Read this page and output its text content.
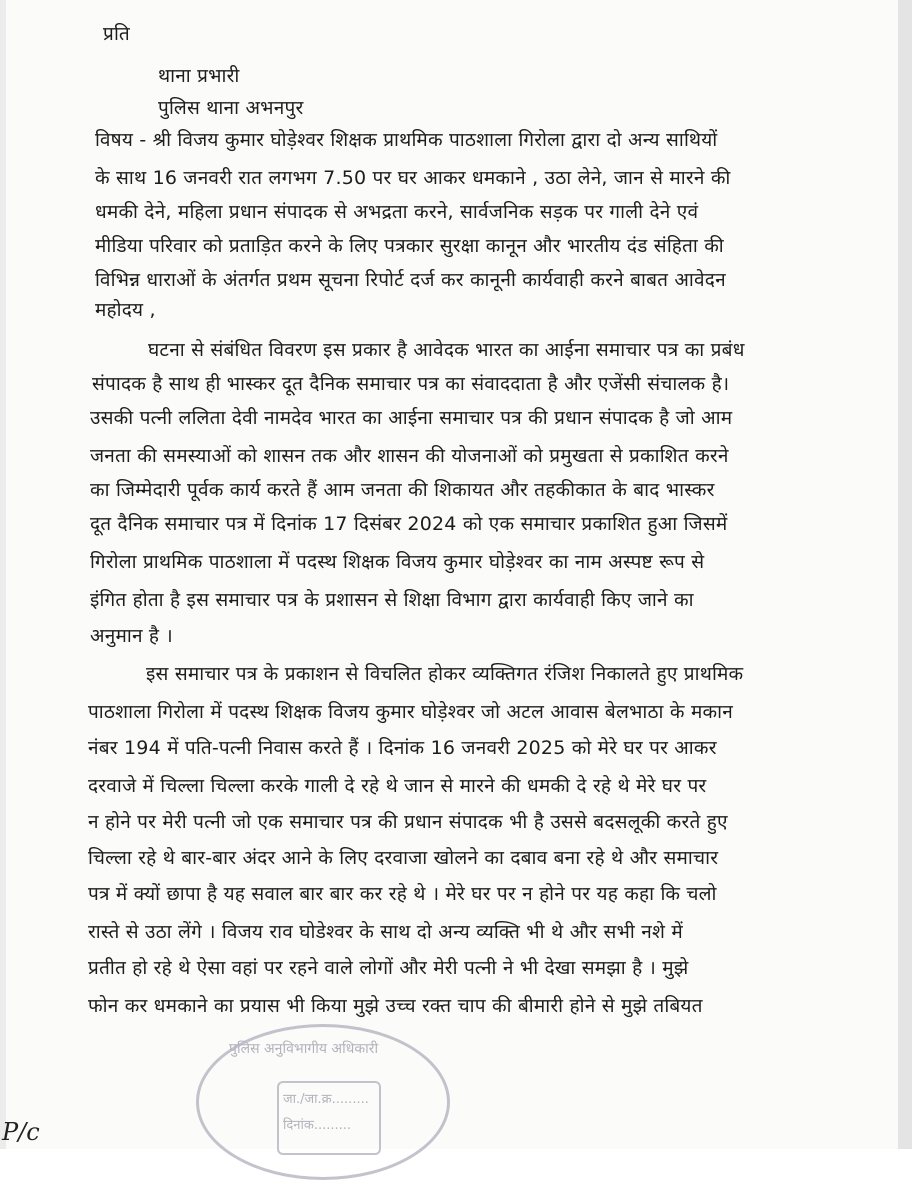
प्रति
थाना प्रभारी
पुलिस थाना अभनपुर
विषय - श्री विजय कुमार घोड़ेश्वर शिक्षक प्राथमिक पाठशाला गिरोला द्वारा दो अन्य साथियों
के साथ 16 जनवरी रात लगभग 7.50 पर घर आकर धमकाने , उठा लेने, जान से मारने की
धमकी देने, महिला प्रधान संपादक से अभद्रता करने, सार्वजनिक सड़क पर गाली देने एवं
मीडिया परिवार को प्रताड़ित करने के लिए पत्रकार सुरक्षा कानून और भारतीय दंड संहिता की
विभिन्न धाराओं के अंतर्गत प्रथम सूचना रिपोर्ट दर्ज कर कानूनी कार्यवाही करने बाबत आवेदन
महोदय ,
घटना से संबंधित विवरण इस प्रकार है आवेदक भारत का आईना समाचार पत्र का प्रबंध
संपादक है साथ ही भास्कर दूत दैनिक समाचार पत्र का संवाददाता है और एजेंसी संचालक है।
उसकी पत्नी ललिता देवी नामदेव भारत का आईना समाचार पत्र की प्रधान संपादक है जो आम
जनता की समस्याओं को शासन तक और शासन की योजनाओं को प्रमुखता से प्रकाशित करने
का जिम्मेदारी पूर्वक कार्य करते हैं आम जनता की शिकायत और तहकीकात के बाद भास्कर
दूत दैनिक समाचार पत्र में दिनांक 17 दिसंबर 2024 को एक समाचार प्रकाशित हुआ जिसमें
गिरोला प्राथमिक पाठशाला में पदस्थ शिक्षक विजय कुमार घोड़ेश्वर का नाम अस्पष्ट रूप से
इंगित होता है इस समाचार पत्र के प्रशासन से शिक्षा विभाग द्वारा कार्यवाही किए जाने का
अनुमान है ।
इस समाचार पत्र के प्रकाशन से विचलित होकर व्यक्तिगत रंजिश निकालते हुए प्राथमिक
पाठशाला गिरोला में पदस्थ शिक्षक विजय कुमार घोड़ेश्वर जो अटल आवास बेलभाठा के मकान
नंबर 194 में पति-पत्नी निवास करते हैं । दिनांक 16 जनवरी 2025 को मेरे घर पर आकर
दरवाजे में चिल्ला चिल्ला करके गाली दे रहे थे जान से मारने की धमकी दे रहे थे मेरे घर पर
न होने पर मेरी पत्नी जो एक समाचार पत्र की प्रधान संपादक भी है उससे बदसलूकी करते हुए
चिल्ला रहे थे बार-बार अंदर आने के लिए दरवाजा खोलने का दबाव बना रहे थे और समाचार
पत्र में क्यों छापा है यह सवाल बार बार कर रहे थे । मेरे घर पर न होने पर यह कहा कि चलो
रास्ते से उठा लेंगे । विजय राव घोडेश्वर के साथ दो अन्य व्यक्ति भी थे और सभी नशे में
प्रतीत हो रहे थे ऐसा वहां पर रहने वाले लोगों और मेरी पत्नी ने भी देखा समझा है । मुझे
फोन कर धमकाने का प्रयास भी किया मुझे उच्च रक्त चाप की बीमारी होने से मुझे तबियत
पुलिस अनुविभागीय अधिकारी
जा./जा.क्र.........
दिनांक.........
P/c
